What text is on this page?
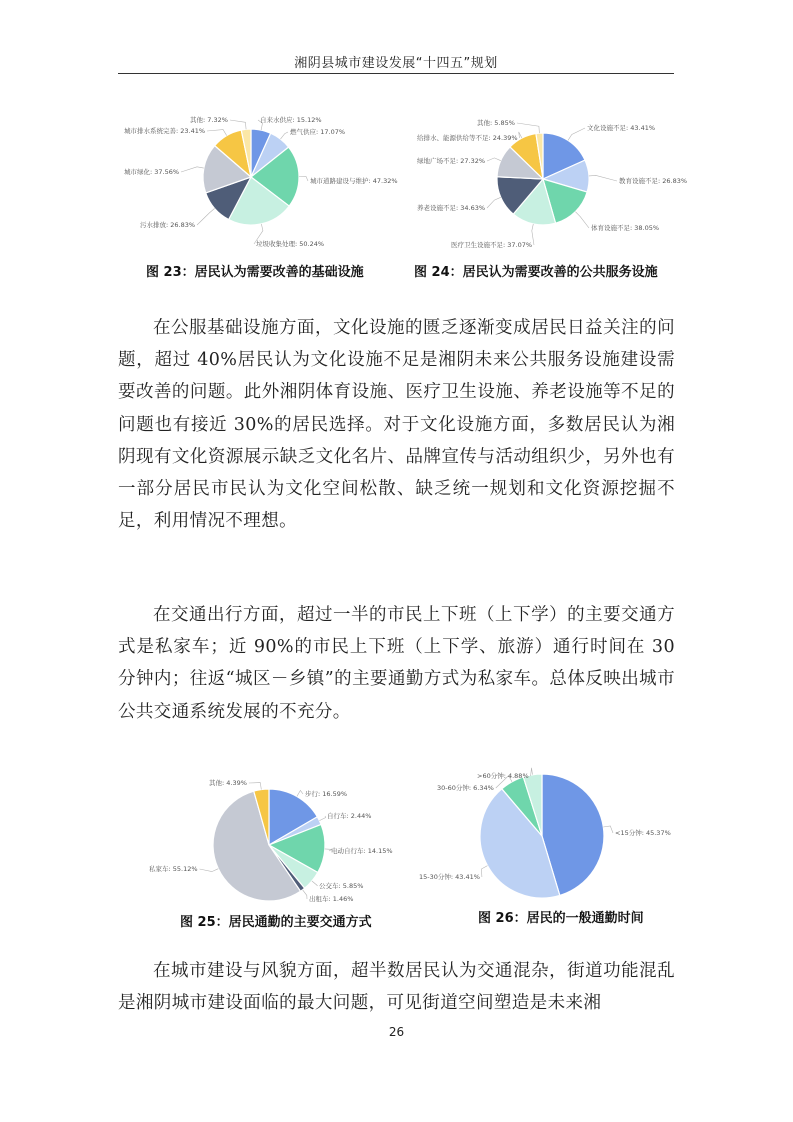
湘阴县城市建设发展“十四五”规划
自来水供应: 15.12%
燃气供应: 17.07%
城市道路建设与维护: 47.32%
垃圾收集处理: 50.24%
污水排放: 26.83%
城市绿化: 37.56%
城市排水系统完善: 23.41%
其他: 7.32%
文化设施不足: 43.41%
教育设施不足: 26.83%
体育设施不足: 38.05%
医疗卫生设施不足: 37.07%
养老设施不足: 34.63%
绿地广场不足: 27.32%
给排水、能源供给等不足: 24.39%
其他: 5.85%
图 23：居民认为需要改善的基础设施	图 24：居民认为需要改善的公共服务设施

在公服基础设施方面，文化设施的匮乏逐渐变成居民日益关注的问题，超过 40%居民认为文化设施不足是湘阴未来公共服务设施建设需要改善的问题。此外湘阴体育设施、医疗卫生设施、养老设施等不足的问题也有接近 30%的居民选择。对于文化设施方面，多数居民认为湘阴现有文化资源展示缺乏文化名片、品牌宣传与活动组织少，另外也有一部分居民市民认为文化空间松散、缺乏统一规划和文化资源挖掘不足，利用情况不理想。

在交通出行方面，超过一半的市民上下班（上下学）的主要交通方式是私家车；近 90%的市民上下班（上下学、旅游）通行时间在 30 分钟内；往返“城区－乡镇”的主要通勤方式为私家车。总体反映出城市公共交通系统发展的不充分。

步行: 16.59%
自行车: 2.44%
电动自行车: 14.15%
公交车: 5.85%
出租车: 1.46%
私家车: 55.12%
其他: 4.39%
<15分钟: 45.37%
15-30分钟: 43.41%
30-60分钟: 6.34%
>60分钟: 4.88%
图 25：居民通勤的主要交通方式	图 26：居民的一般通勤时间

在城市建设与风貌方面，超半数居民认为交通混杂，街道功能混乱是湘阴城市建设面临的最大问题，可见街道空间塑造是未来湘

26
